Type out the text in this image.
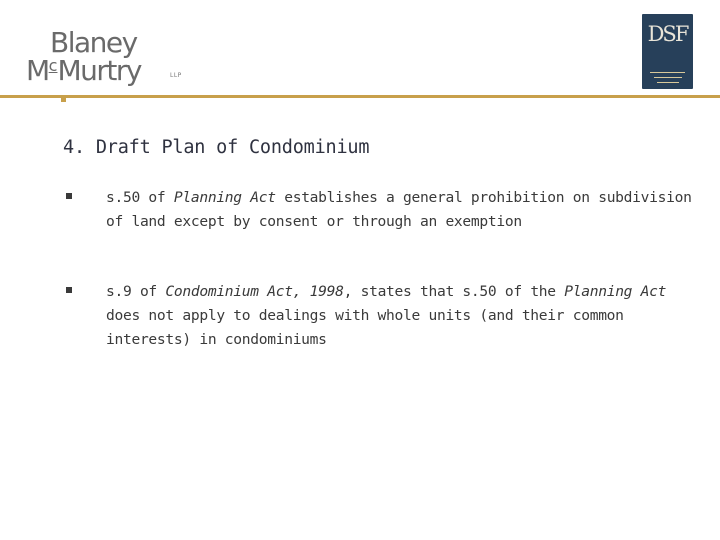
Blaney
$M^cMurtry$	LLP
DSF
4. Draft Plan of Condominium
s.50 of Planning Act establishes a general prohibition on subdivision of land except by consent or through an exemption
s.9 of Condominium Act, 1998, states that s.50 of the Planning Act does not apply to dealings with whole units (and their common interests) in condominiums
